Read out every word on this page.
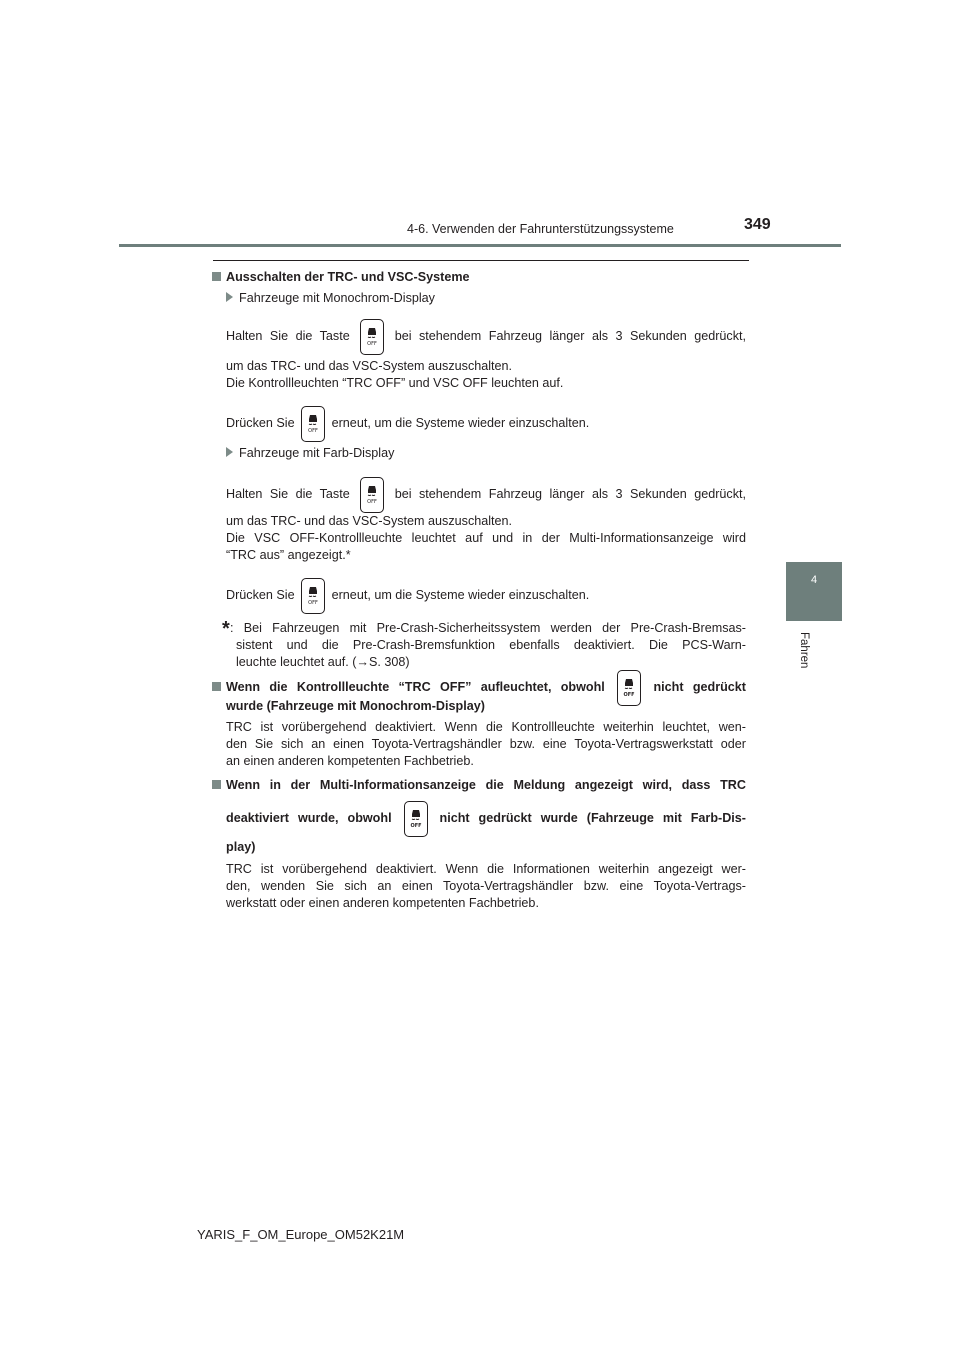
4-6. Verwenden der Fahrunterstützungssysteme	349
4
Fahren
Ausschalten der TRC- und VSC-Systeme
Fahrzeuge mit Monochrom-Display
Halten Sie die Taste
OFF
bei stehendem Fahrzeug länger als 3 Sekunden gedrückt,
um das TRC- und das VSC-System auszuschalten.
Die Kontrollleuchten “TRC OFF” und VSC OFF leuchten auf.
Drücken Sie
OFF
erneut, um die Systeme wieder einzuschalten.
Fahrzeuge mit Farb-Display
Halten Sie die Taste
OFF
bei stehendem Fahrzeug länger als 3 Sekunden gedrückt,
um das TRC- und das VSC-System auszuschalten.
Die VSC OFF-Kontrollleuchte leuchtet auf und in der Multi-Informationsanzeige wird
“TRC aus” angezeigt.*
Drücken Sie
OFF
erneut, um die Systeme wieder einzuschalten.
* : Bei Fahrzeugen mit Pre-Crash-Sicherheitssystem werden der Pre-Crash-Bremsas-
sistent und die Pre-Crash-Bremsfunktion ebenfalls deaktiviert. Die PCS-Warn-
leuchte leuchtet auf. (→S. 308)
Wenn die Kontrollleuchte “TRC OFF” aufleuchtet, obwohl
OFF
nicht gedrückt
wurde (Fahrzeuge mit Monochrom-Display)
TRC ist vorübergehend deaktiviert. Wenn die Kontrollleuchte weiterhin leuchtet, wen-
den Sie sich an einen Toyota-Vertragshändler bzw. eine Toyota-Vertragswerkstatt oder
an einen anderen kompetenten Fachbetrieb.
Wenn in der Multi-Informationsanzeige die Meldung angezeigt wird, dass TRC
deaktiviert wurde, obwohl
OFF
nicht gedrückt wurde (Fahrzeuge mit Farb-Dis-
play)
TRC ist vorübergehend deaktiviert. Wenn die Informationen weiterhin angezeigt wer-
den, wenden Sie sich an einen Toyota-Vertragshändler bzw. eine Toyota-Vertrags-
werkstatt oder einen anderen kompetenten Fachbetrieb.
YARIS_F_OM_Europe_OM52K21M
